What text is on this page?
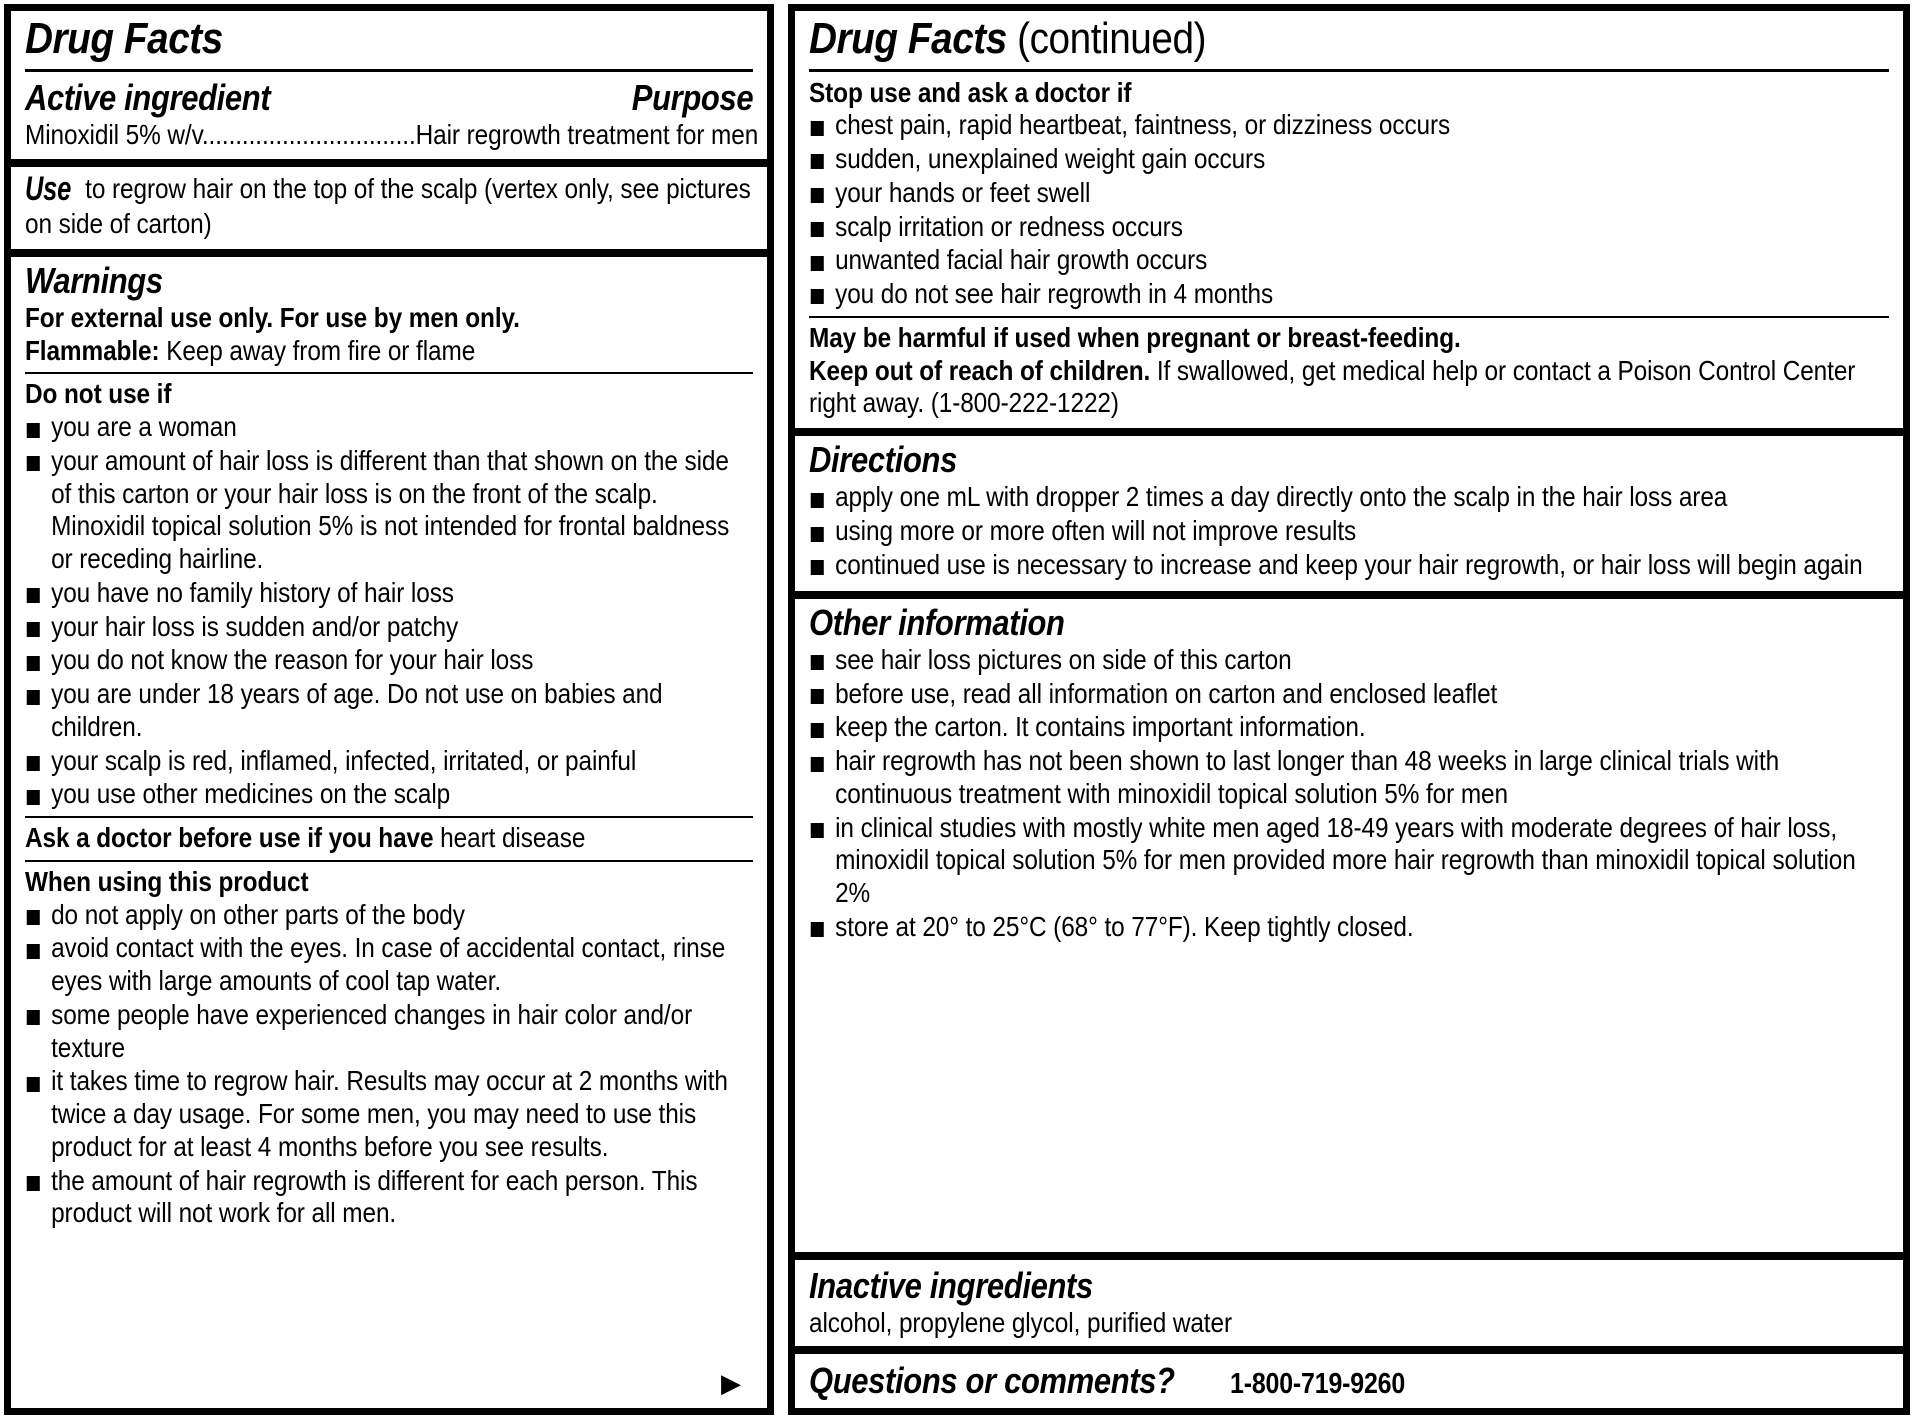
Drug Facts
Active ingredient	Purpose
Minoxidil 5% w/v................................Hair regrowth treatment for men
Use to regrow hair on the top of the scalp (vertex only, see pictures on side of carton)
Warnings
For external use only. For use by men only.
Flammable: Keep away from fire or flame
Do not use if
you are a woman
your amount of hair loss is different than that shown on the side of this carton or your hair loss is on the front of the scalp. Minoxidil topical solution 5% is not intended for frontal baldness or receding hairline.
you have no family history of hair loss
your hair loss is sudden and/or patchy
you do not know the reason for your hair loss
you are under 18 years of age. Do not use on babies and children.
your scalp is red, inflamed, infected, irritated, or painful
you use other medicines on the scalp
Ask a doctor before use if you have heart disease
When using this product
do not apply on other parts of the body
avoid contact with the eyes. In case of accidental contact, rinse eyes with large amounts of cool tap water.
some people have experienced changes in hair color and/or texture
it takes time to regrow hair. Results may occur at 2 months with twice a day usage. For some men, you may need to use this product for at least 4 months before you see results.
the amount of hair regrowth is different for each person. This product will not work for all men.
▶
Drug Facts (continued)
Stop use and ask a doctor if
chest pain, rapid heartbeat, faintness, or dizziness occurs
sudden, unexplained weight gain occurs
your hands or feet swell
scalp irritation or redness occurs
unwanted facial hair growth occurs
you do not see hair regrowth in 4 months
May be harmful if used when pregnant or breast-feeding.
Keep out of reach of children. If swallowed, get medical help or contact a Poison Control Center right away. (1-800-222-1222)
Directions
apply one mL with dropper 2 times a day directly onto the scalp in the hair loss area
using more or more often will not improve results
continued use is necessary to increase and keep your hair regrowth, or hair loss will begin again
Other information
see hair loss pictures on side of this carton
before use, read all information on carton and enclosed leaflet
keep the carton. It contains important information.
hair regrowth has not been shown to last longer than 48 weeks in large clinical trials with continuous treatment with minoxidil topical solution 5% for men
in clinical studies with mostly white men aged 18-49 years with moderate degrees of hair loss, minoxidil topical solution 5% for men provided more hair regrowth than minoxidil topical solution 2%
store at 20° to 25°C (68° to 77°F). Keep tightly closed.
Inactive ingredients
alcohol, propylene glycol, purified water
Questions or comments? 1-800-719-9260
